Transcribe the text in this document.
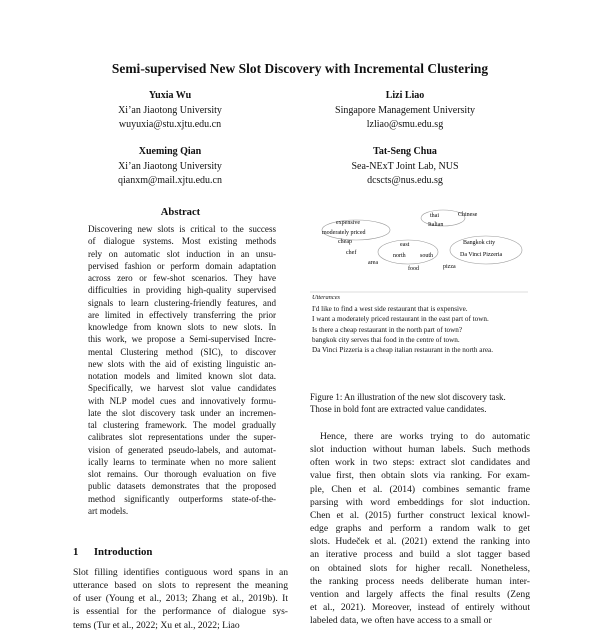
Semi-supervised New Slot Discovery with Incremental Clustering
Yuxia Wu
Xi’an Jiaotong University
wuyuxia@stu.xjtu.edu.cn
Lizi Liao
Singapore Management University
lzliao@smu.edu.sg
Xueming Qian
Xi’an Jiaotong University
qianxm@mail.xjtu.edu.cn
Tat-Seng Chua
Sea-NExT Joint Lab, NUS
dcscts@nus.edu.sg
Abstract
Discovering new slots is critical to the success
of dialogue systems. Most existing methods
rely on automatic slot induction in an unsu-
pervised fashion or perform domain adaptation
across zero or few-shot scenarios. They have
difficulties in providing high-quality supervised
signals to learn clustering-friendly features, and
are limited in effectively transferring the prior
knowledge from known slots to new slots. In
this work, we propose a Semi-supervised Incre-
mental Clustering method (SIC), to discover
new slots with the aid of existing linguistic an-
notation models and limited known slot data.
Specifically, we harvest slot value candidates
with NLP model cues and innovatively formu-
late the slot discovery task under an incremen-
tal clustering framework. The model gradually
calibrates slot representations under the super-
vision of generated pseudo-labels, and automat-
ically learns to terminate when no more salient
slot remains. Our thorough evaluation on five
public datasets demonstrates that the proposed
method significantly outperforms state-of-the-
art models.
1 Introduction
Slot filling identifies contiguous word spans in an
utterance based on slots to represent the meaning
of user (Young et al., 2013; Zhang et al., 2019b). It
is essential for the performance of dialogue sys-
tems (Tur et al., 2022; Xu et al., 2022; Liao
expensive
moderately priced
cheap
thai	Chinese
Italian
east
north south
area
Bangkok city
Da Vinci Pizzeria
food
chef
pizza
Utterances
I'd like to find a west side restaurant that is expensive.
I want a moderately priced restaurant in the east part of town.
Is there a cheap restaurant in the north part of town?
bangkok city serves thai food in the centre of town.
Da Vinci Pizzeria is a cheap italian restaurant in the north area.
Figure 1: An illustration of the new slot discovery task.
Those in bold font are extracted value candidates.
Hence, there are works trying to do automatic
slot induction without human labels. Such methods
often work in two steps: extract slot candidates and
value first, then obtain slots via ranking. For exam-
ple, Chen et al. (2014) combines semantic frame
parsing with word embeddings for slot induction.
Chen et al. (2015) further construct lexical knowl-
edge graphs and perform a random walk to get
slots. Hudeček et al. (2021) extend the ranking into
an iterative process and build a slot tagger based
on obtained slots for higher recall. Nonetheless,
the ranking process needs deliberate human inter-
vention and largely affects the final results (Zeng
et al., 2021). Moreover, instead of entirely without
labeled data, we often have access to a small or
